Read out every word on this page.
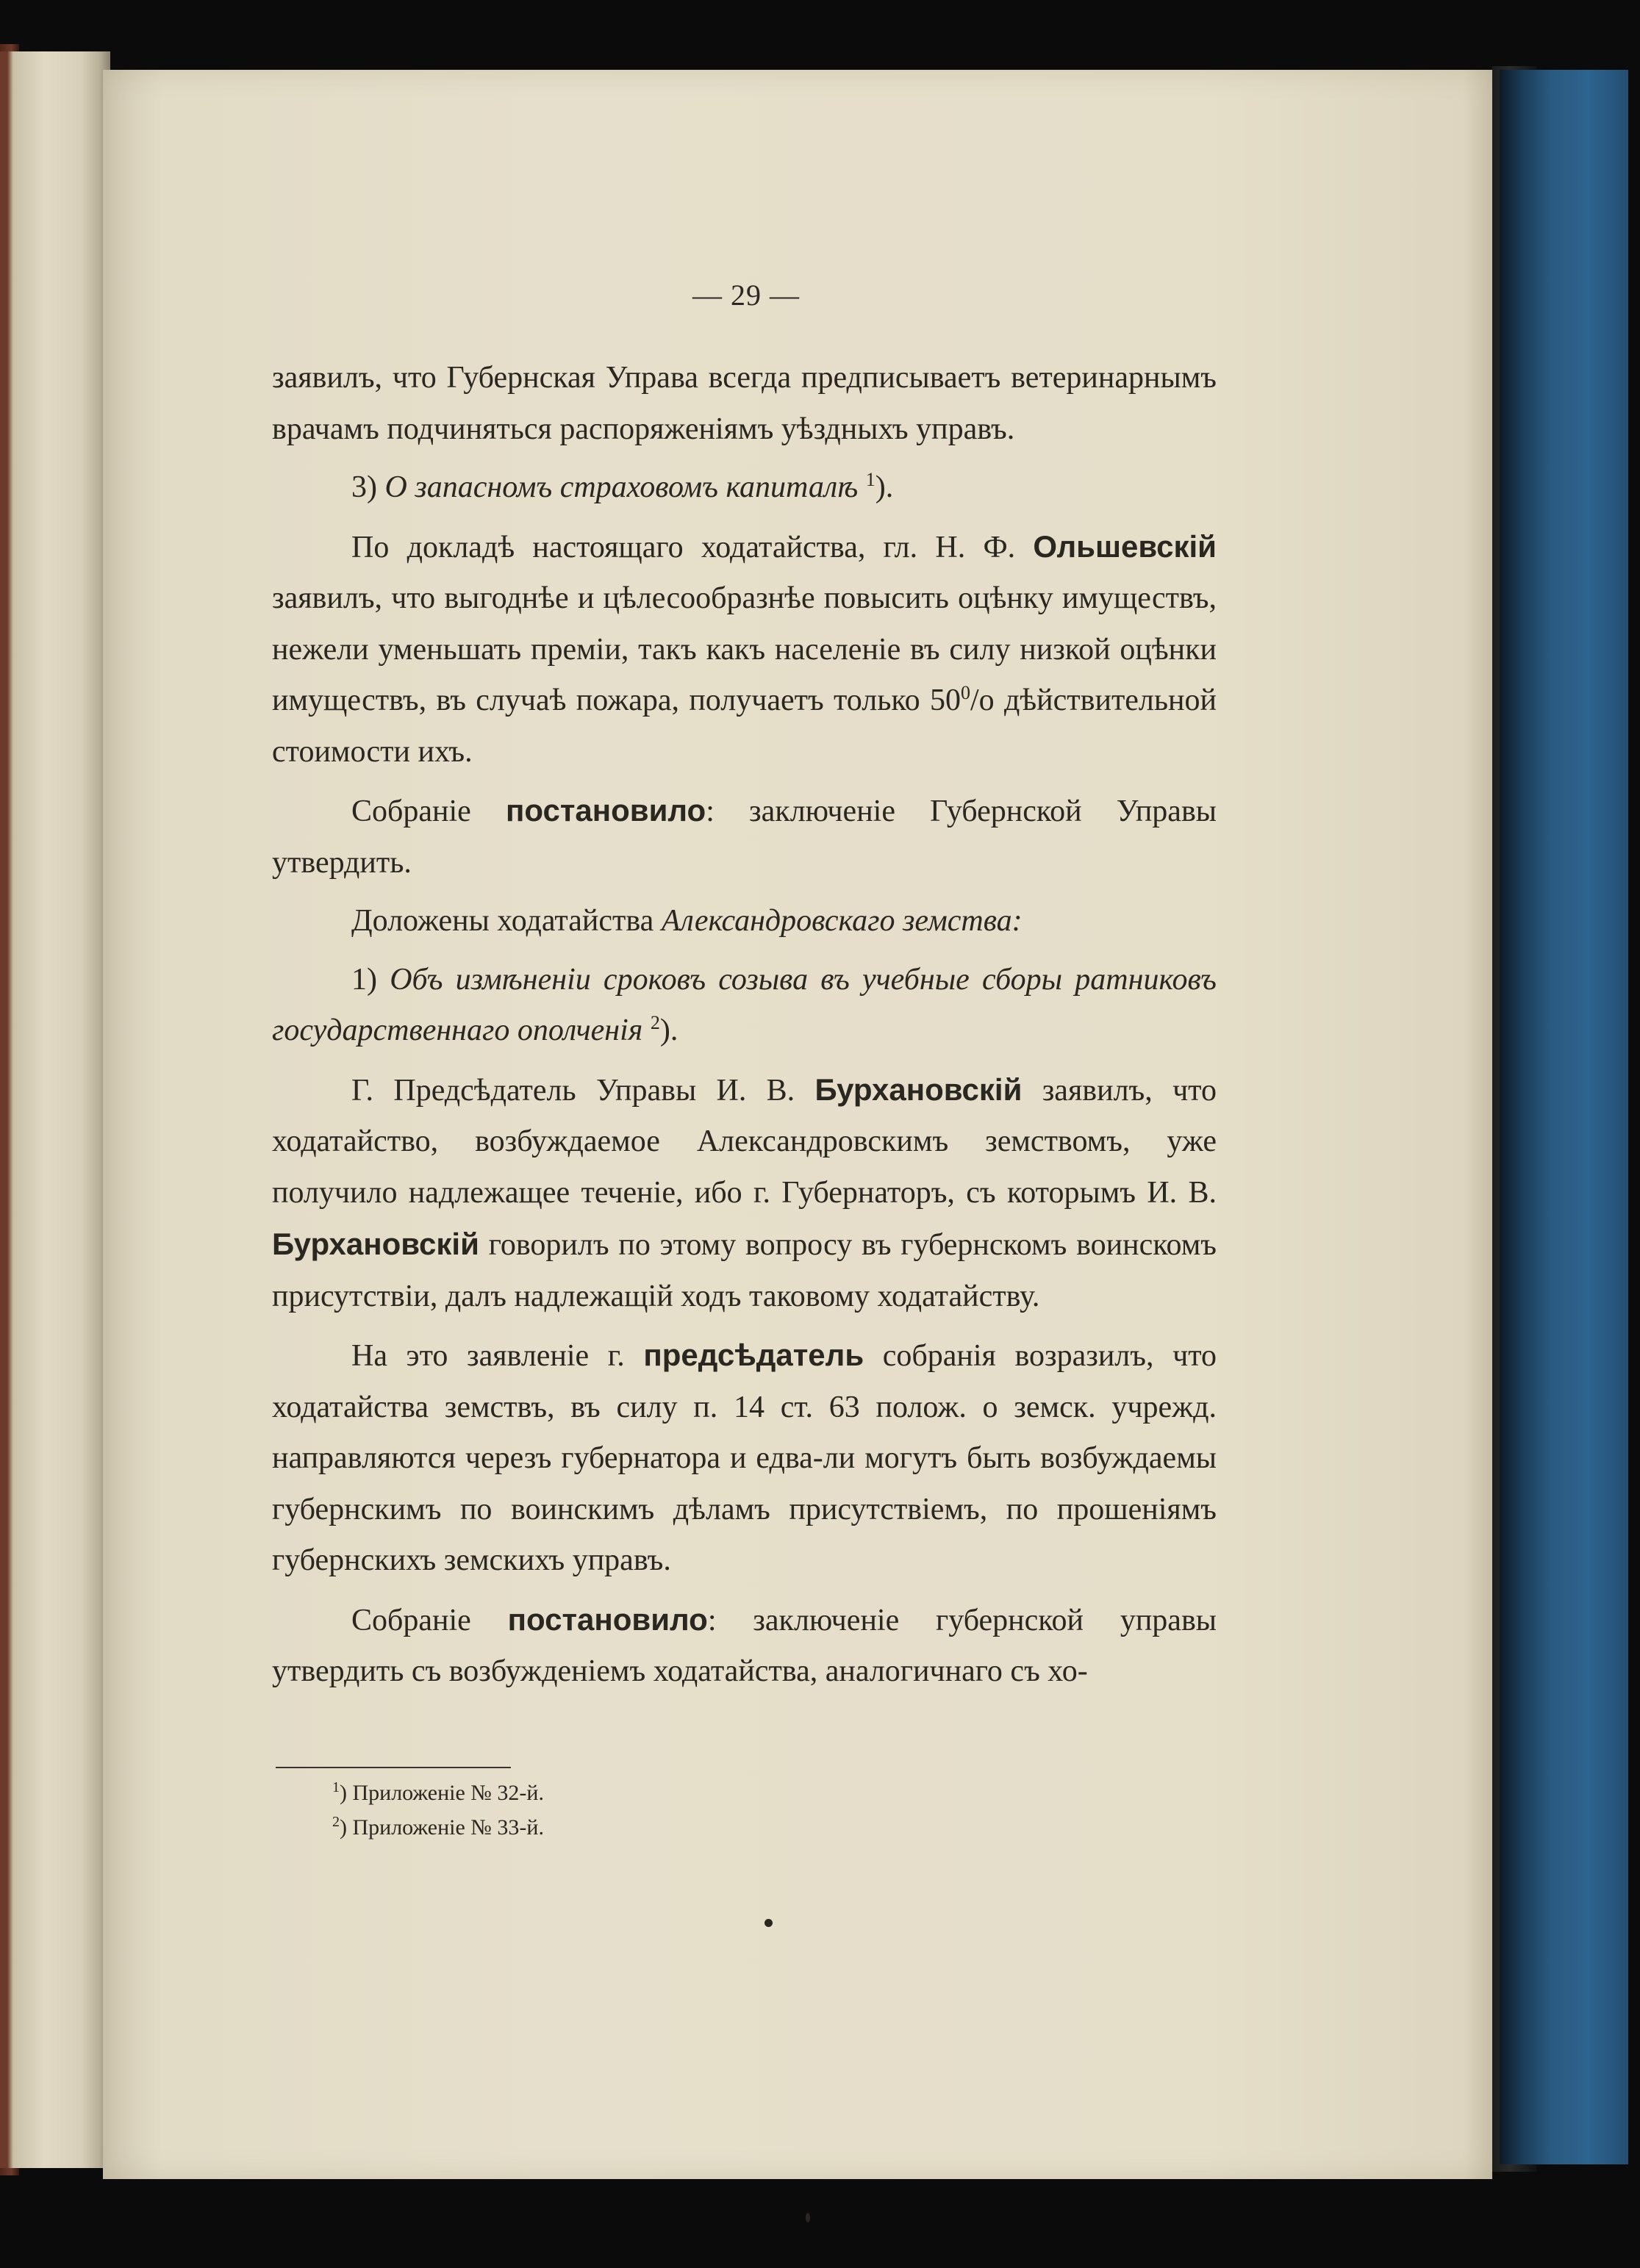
— 29 —

заявилъ, что Губернская Управа всегда предписываетъ ветеринарнымъ врачамъ подчиняться распоряженіямъ уѣздныхъ управъ.

3) О запасномъ страховомъ капиталѣ $^1$).

По докладѣ настоящаго ходатайства, гл. Н. Ф. Ольшевскій заявилъ, что выгоднѣе и цѣлесообразнѣе повысить оцѣнку имуществъ, нежели уменьшать преміи, такъ какъ населеніе въ силу низкой оцѣнки имуществъ, въ случаѣ пожара, получаетъ только $50^0/о$ дѣйствительной стоимости ихъ.

Собраніе постановило: заключеніе Губернской Управы утвердить.

Доложены ходатайства Александровскаго земства:

1) Объ измѣненіи сроковъ созыва въ учебные сборы ратниковъ государственнаго ополченія $^2$).

Г. Предсѣдатель Управы И. В. Бурхановскій заявилъ, что ходатайство, возбуждаемое Александровскимъ земствомъ, уже получило надлежащее теченіе, ибо г. Губернаторъ, съ которымъ И. В. Бурхановскій говорилъ по этому вопросу въ губернскомъ воинскомъ присутствіи, далъ надлежащій ходъ таковому ходатайству.

На это заявленіе г. предсѣдатель собранія возразилъ, что ходатайства земствъ, въ силу п. 14 ст. 63 полож. о земск. учрежд. направляются черезъ губернатора и едва-ли могутъ быть возбуждаемы губернскимъ по воинскимъ дѣламъ присутствіемъ, по прошеніямъ губернскихъ земскихъ управъ.

Собраніе постановило: заключеніе губернской управы утвердить съ возбужденіемъ ходатайства, аналогичнаго съ хо-

$^1$) Приложеніе № 32-й.
$^2$) Приложеніе № 33-й.
